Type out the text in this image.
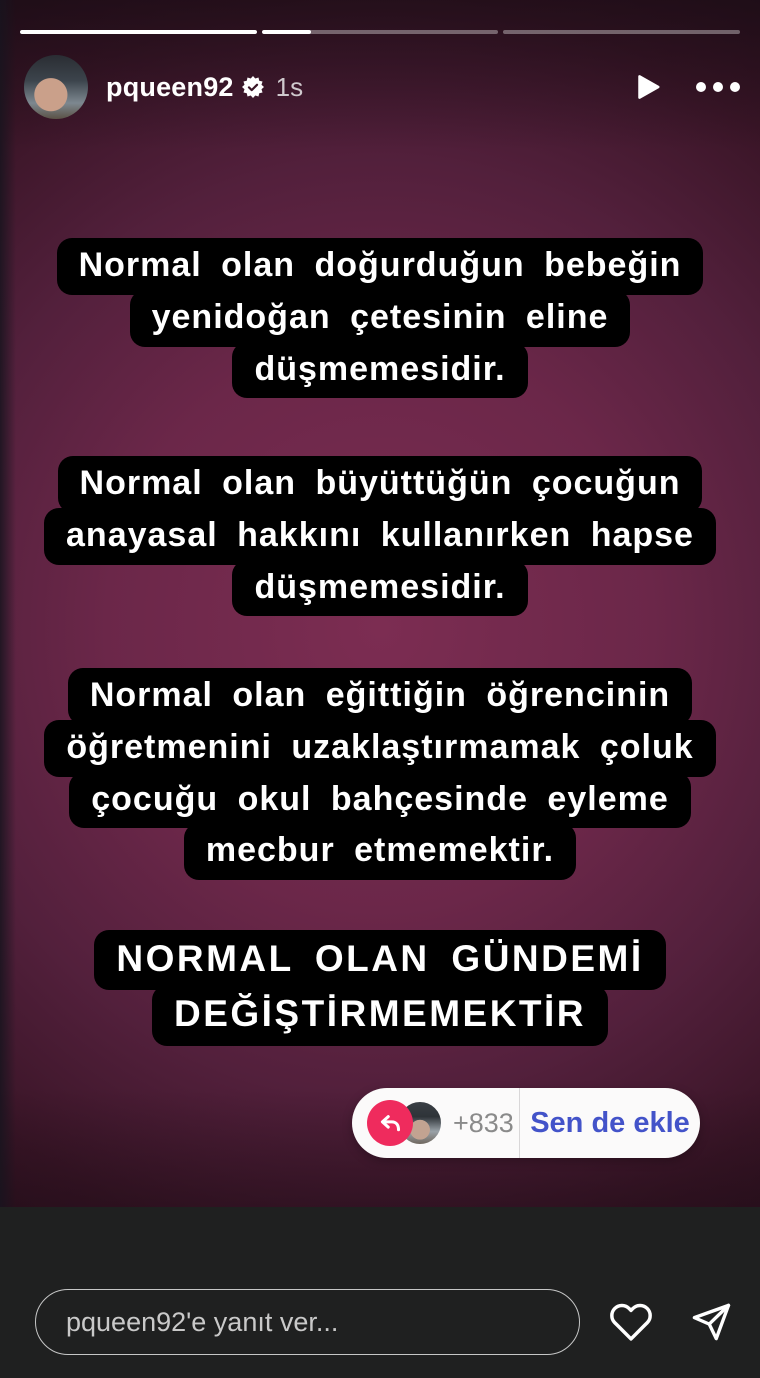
pqueen92 1s
Normal olan doğurduğun bebeğin
yenidoğan çetesinin eline
düşmemesidir.
Normal olan büyüttüğün çocuğun
anayasal hakkını kullanırken hapse
düşmemesidir.
Normal olan eğittiğin öğrencinin
öğretmenini uzaklaştırmamak çoluk
çocuğu okul bahçesinde eyleme
mecbur etmemektir.
NORMAL OLAN GÜNDEMİ
DEĞİŞTİRMEMEKTİR
+833 Sen de ekle
pqueen92'e yanıt ver...
